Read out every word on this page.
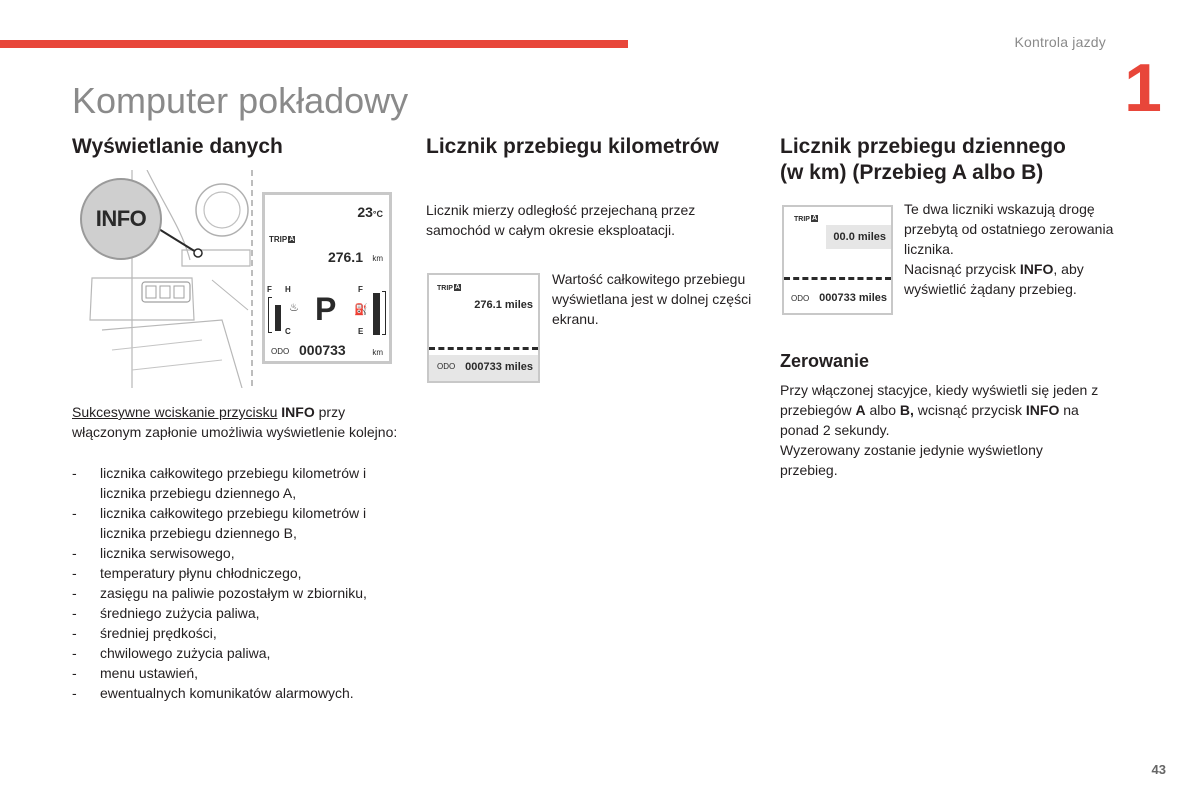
Kontrola jazdy
1
Komputer pokładowy
Wyświetlanie danych
INFO	23°C
TRIP A
276.1 km
F H
C
♨ P
F
E
⛽
ODO 000733	km
Sukcesywne wciskanie przycisku INFO przy włączonym zapłonie umożliwia wyświetlenie kolejno:
- licznika całkowitego przebiegu kilometrów i licznika przebiegu dziennego A,
- licznika całkowitego przebiegu kilometrów i licznika przebiegu dziennego B,
- licznika serwisowego,
- temperatury płynu chłodniczego,
- zasięgu na paliwie pozostałym w zbiorniku,
- średniego zużycia paliwa,
- średniej prędkości,
- chwilowego zużycia paliwa,
- menu ustawień,
- ewentualnych komunikatów alarmowych.
Licznik przebiegu kilometrów
Licznik mierzy odległość przejechaną przez samochód w całym okresie eksploatacji.
TRIP A
276.1 miles
ODO 000733 miles
Wartość całkowitego przebiegu wyświetlana jest w dolnej części ekranu.
Licznik przebiegu dziennego
(w km) (Przebieg A albo B)
TRIP A
00.0 miles
ODO 000733 miles
Te dwa liczniki wskazują drogę przebytą od ostatniego zerowania licznika.
Nacisnąć przycisk INFO, aby wyświetlić żądany przebieg.
Zerowanie
Przy włączonej stacyjce, kiedy wyświetli się jeden z przebiegów A albo B, wcisnąć przycisk INFO na ponad 2 sekundy.
Wyzerowany zostanie jedynie wyświetlony przebieg.
43
